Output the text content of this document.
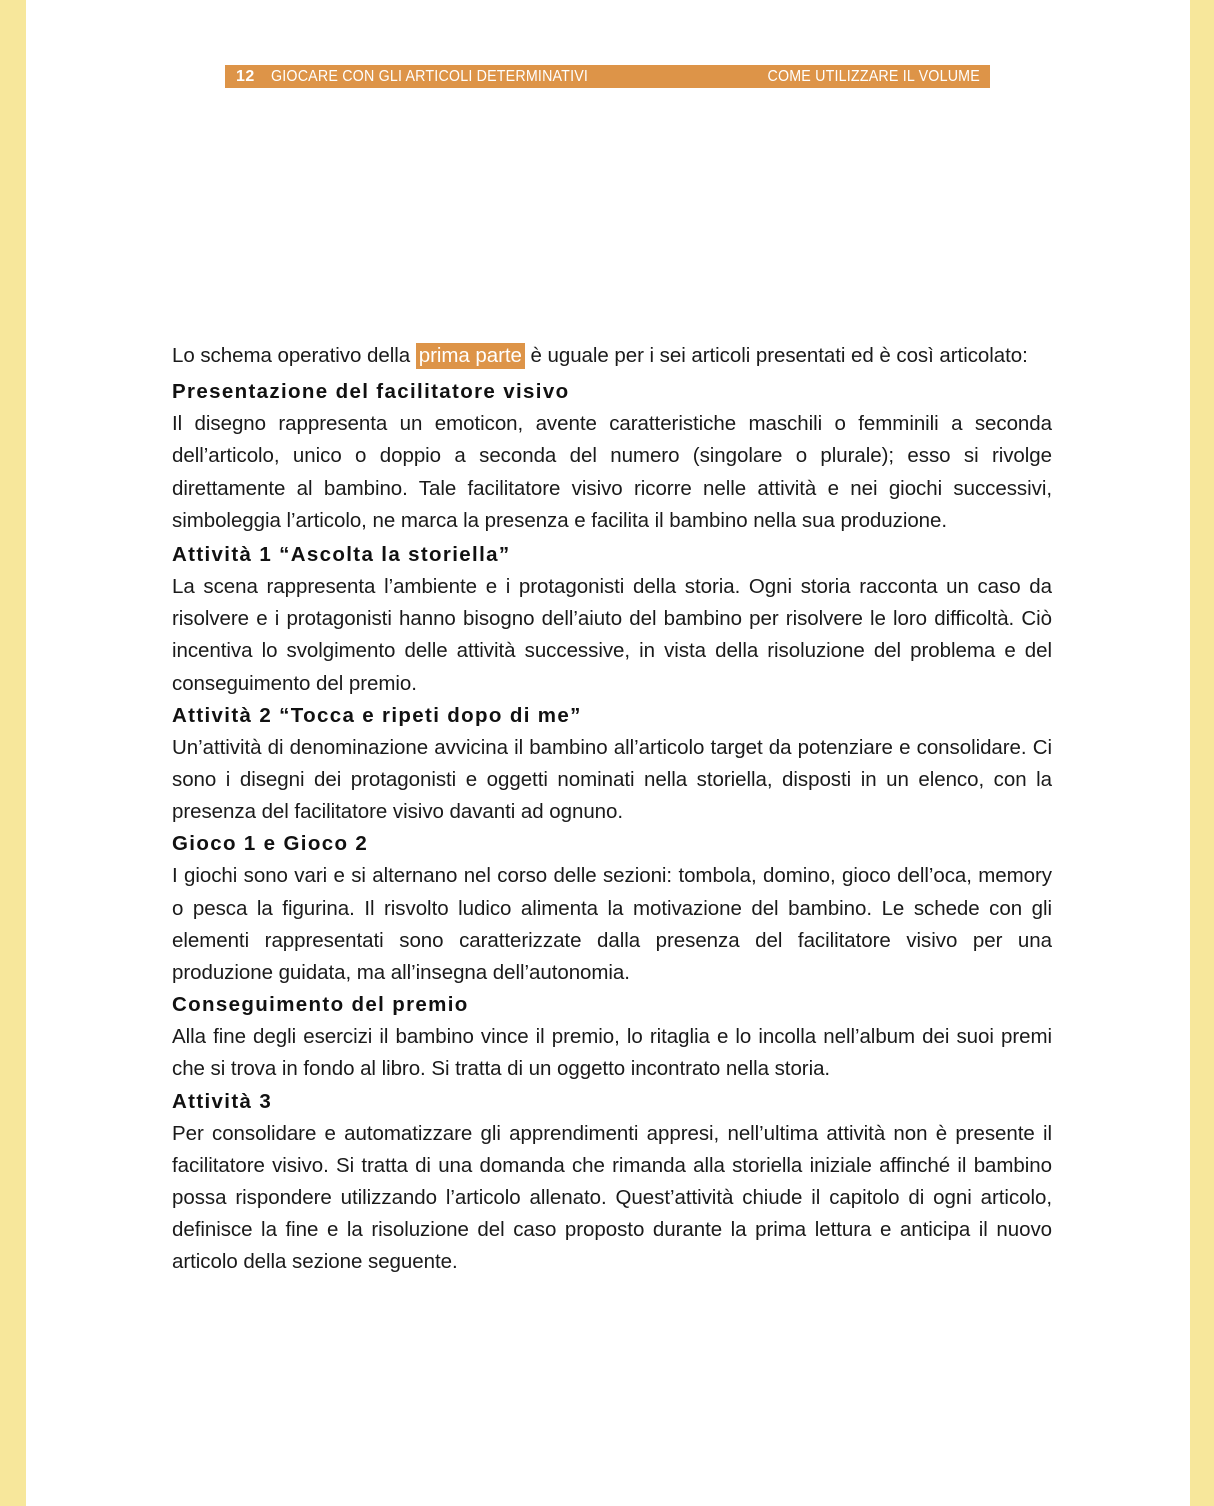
12 GIOCARE CON GLI ARTICOLI DETERMINATIVI	COME UTILIZZARE IL VOLUME

Lo schema operativo della prima parte è uguale per i sei articoli presentati ed è così articolato:

Presentazione del facilitatore visivo

Il disegno rappresenta un emoticon, avente caratteristiche maschili o femminili a seconda dell’articolo, unico o doppio a seconda del numero (singolare o plurale); esso si rivolge direttamente al bambino. Tale facilitatore visivo ricorre nelle attività e nei giochi successivi, simboleggia l’articolo, ne marca la presenza e facilita il bambino nella sua produzione.

Attività 1 “Ascolta la storiella”

La scena rappresenta l’ambiente e i protagonisti della storia. Ogni storia racconta un caso da risolvere e i protagonisti hanno bisogno dell’aiuto del bambino per risolvere le loro difficoltà. Ciò incentiva lo svolgimento delle attività successive, in vista della risoluzione del problema e del conseguimento del premio.

Attività 2 “Tocca e ripeti dopo di me”

Un’attività di denominazione avvicina il bambino all’articolo target da potenziare e consolidare. Ci sono i disegni dei protagonisti e oggetti nominati nella storiella, disposti in un elenco, con la presenza del facilitatore visivo davanti ad ognuno.

Gioco 1 e Gioco 2

I giochi sono vari e si alternano nel corso delle sezioni: tombola, domino, gioco dell’oca, memory o pesca la figurina. Il risvolto ludico alimenta la motivazione del bambino. Le schede con gli elementi rappresentati sono caratterizzate dalla presenza del facilitatore visivo per una produzione guidata, ma all’insegna dell’autonomia.

Conseguimento del premio

Alla fine degli esercizi il bambino vince il premio, lo ritaglia e lo incolla nell’album dei suoi premi che si trova in fondo al libro. Si tratta di un oggetto incontrato nella storia.

Attività 3

Per consolidare e automatizzare gli apprendimenti appresi, nell’ultima attività non è presente il facilitatore visivo. Si tratta di una domanda che rimanda alla storiella iniziale affinché il bambino possa rispondere utilizzando l’articolo allenato. Quest’attività chiude il capitolo di ogni articolo, definisce la fine e la risoluzione del caso proposto durante la prima lettura e anticipa il nuovo articolo della sezione seguente.
